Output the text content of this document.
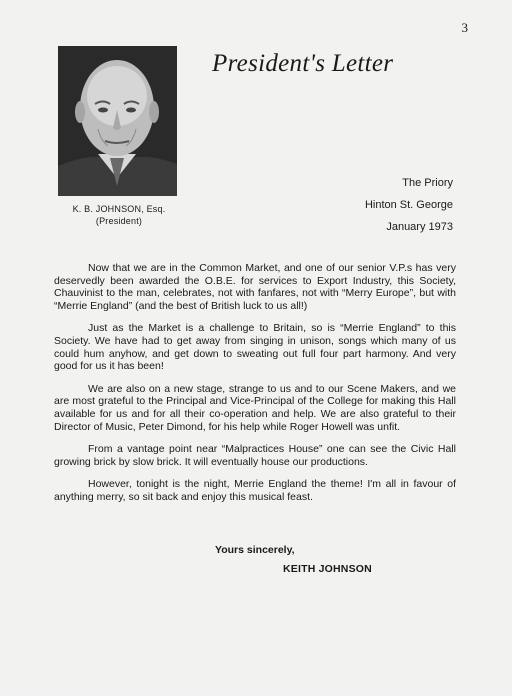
3
K. B. JOHNSON, Esq.
(President)
President's Letter
The Priory
Hinton St. George
January 1973

Now that we are in the Common Market, and one of our senior V.P.s has very deservedly been awarded the O.B.E. for services to Export Industry, this Society, Chauvinist to the man, celebrates, not with fanfares, not with “Merry Europe”, but with “Merrie England” (and the best of British luck to us all!)

Just as the Market is a challenge to Britain, so is “Merrie England” to this Society. We have had to get away from singing in unison, songs which many of us could hum anyhow, and get down to sweating out full four part harmony. And very good for us it has been!

We are also on a new stage, strange to us and to our Scene Makers, and we are most grateful to the Principal and Vice-Principal of the College for making this Hall available for us and for all their co-operation and help. We are also grateful to their Director of Music, Peter Dimond, for his help while Roger Howell was unfit.

From a vantage point near “Malpractices House” one can see the Civic Hall growing brick by slow brick. It will eventually house our productions.

However, tonight is the night, Merrie England the theme! I'm all in favour of anything merry, so sit back and enjoy this musical feast.

Yours sincerely,
KEITH JOHNSON
